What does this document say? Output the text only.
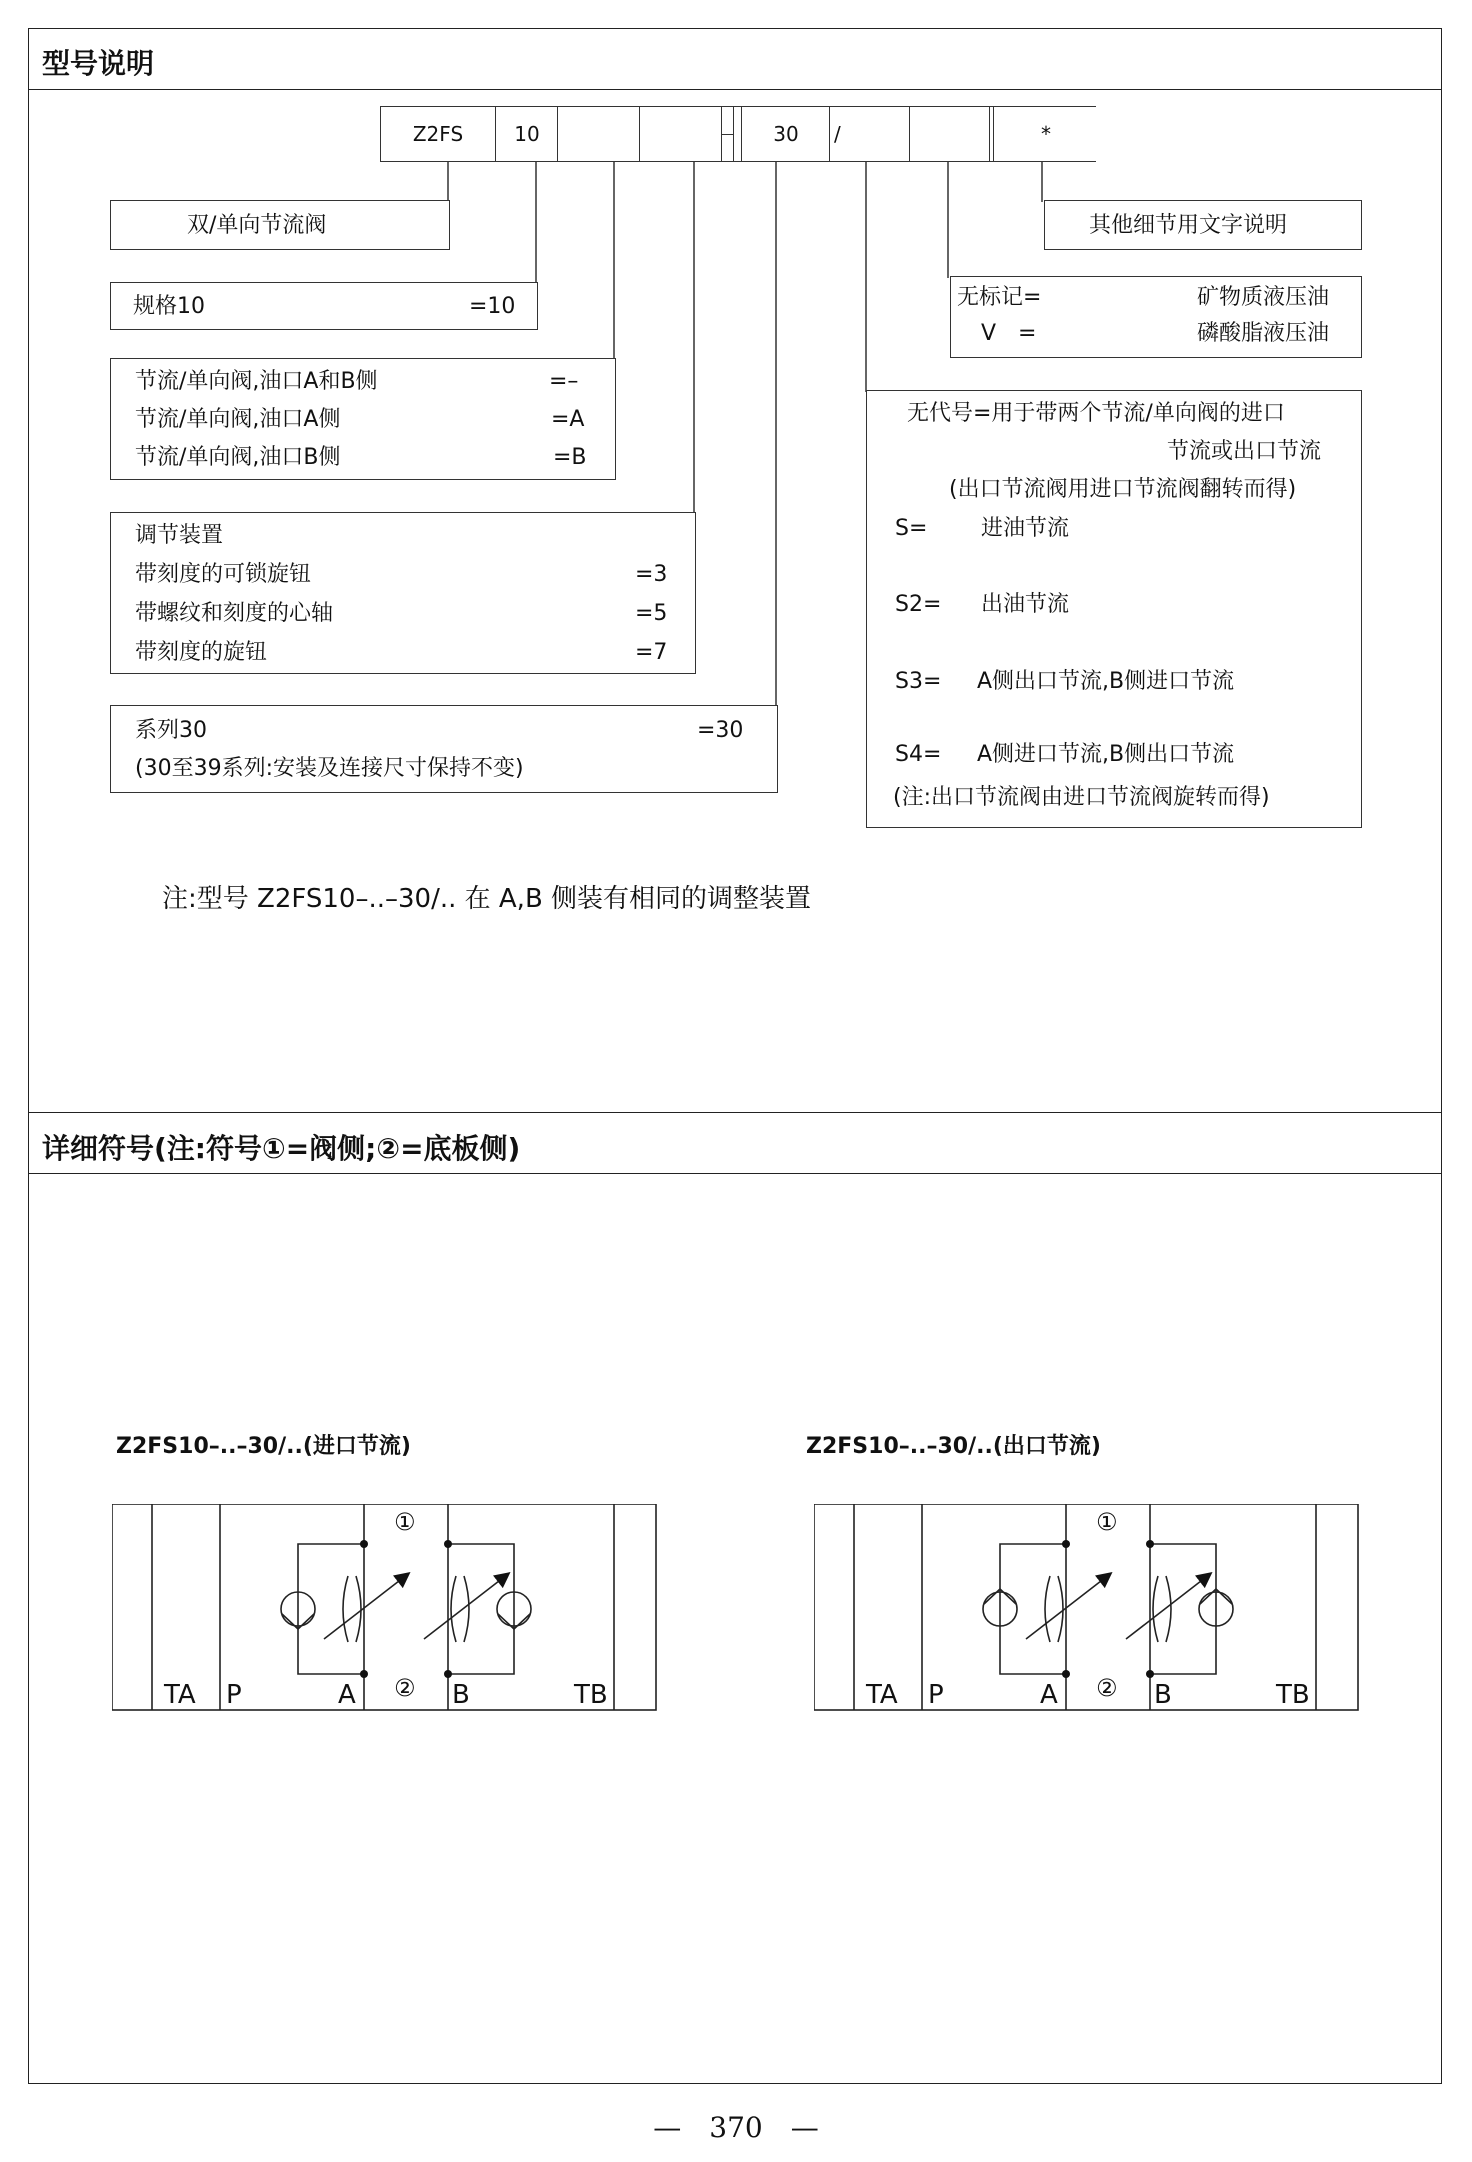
型号说明
Z2FS	10	30	/	*
双/单向节流阀
规格10	=10
节流/单向阀,油口A和B侧	=–
节流/单向阀,油口A侧	=A
节流/单向阀,油口B侧	=B
调节装置
带刻度的可锁旋钮	=3
带螺纹和刻度的心轴	=5
带刻度的旋钮	=7
系列30	=30
(30至39系列:安装及连接尺寸保持不变)
其他细节用文字说明
无标记=	矿物质液压油
V　=	磷酸脂液压油
无代号=用于带两个节流/单向阀的进口
节流或出口节流
(出口节流阀用进口节流阀翻转而得)
S= 进油节流
S2= 出油节流
S3= A侧出口节流,B侧进口节流
S4= A侧进口节流,B侧出口节流
(注:出口节流阀由进口节流阀旋转而得)
注:型号 Z2FS10–..–30/.. 在 A,B 侧装有相同的调整装置
详细符号(注:符号①=阀侧;②=底板侧)
Z2FS10–..–30/..(进口节流)	Z2FS10–..–30/..(出口节流)
①
②
TA P	A	B	TB
①
②
TA P	A	B	TB
—　370　—
